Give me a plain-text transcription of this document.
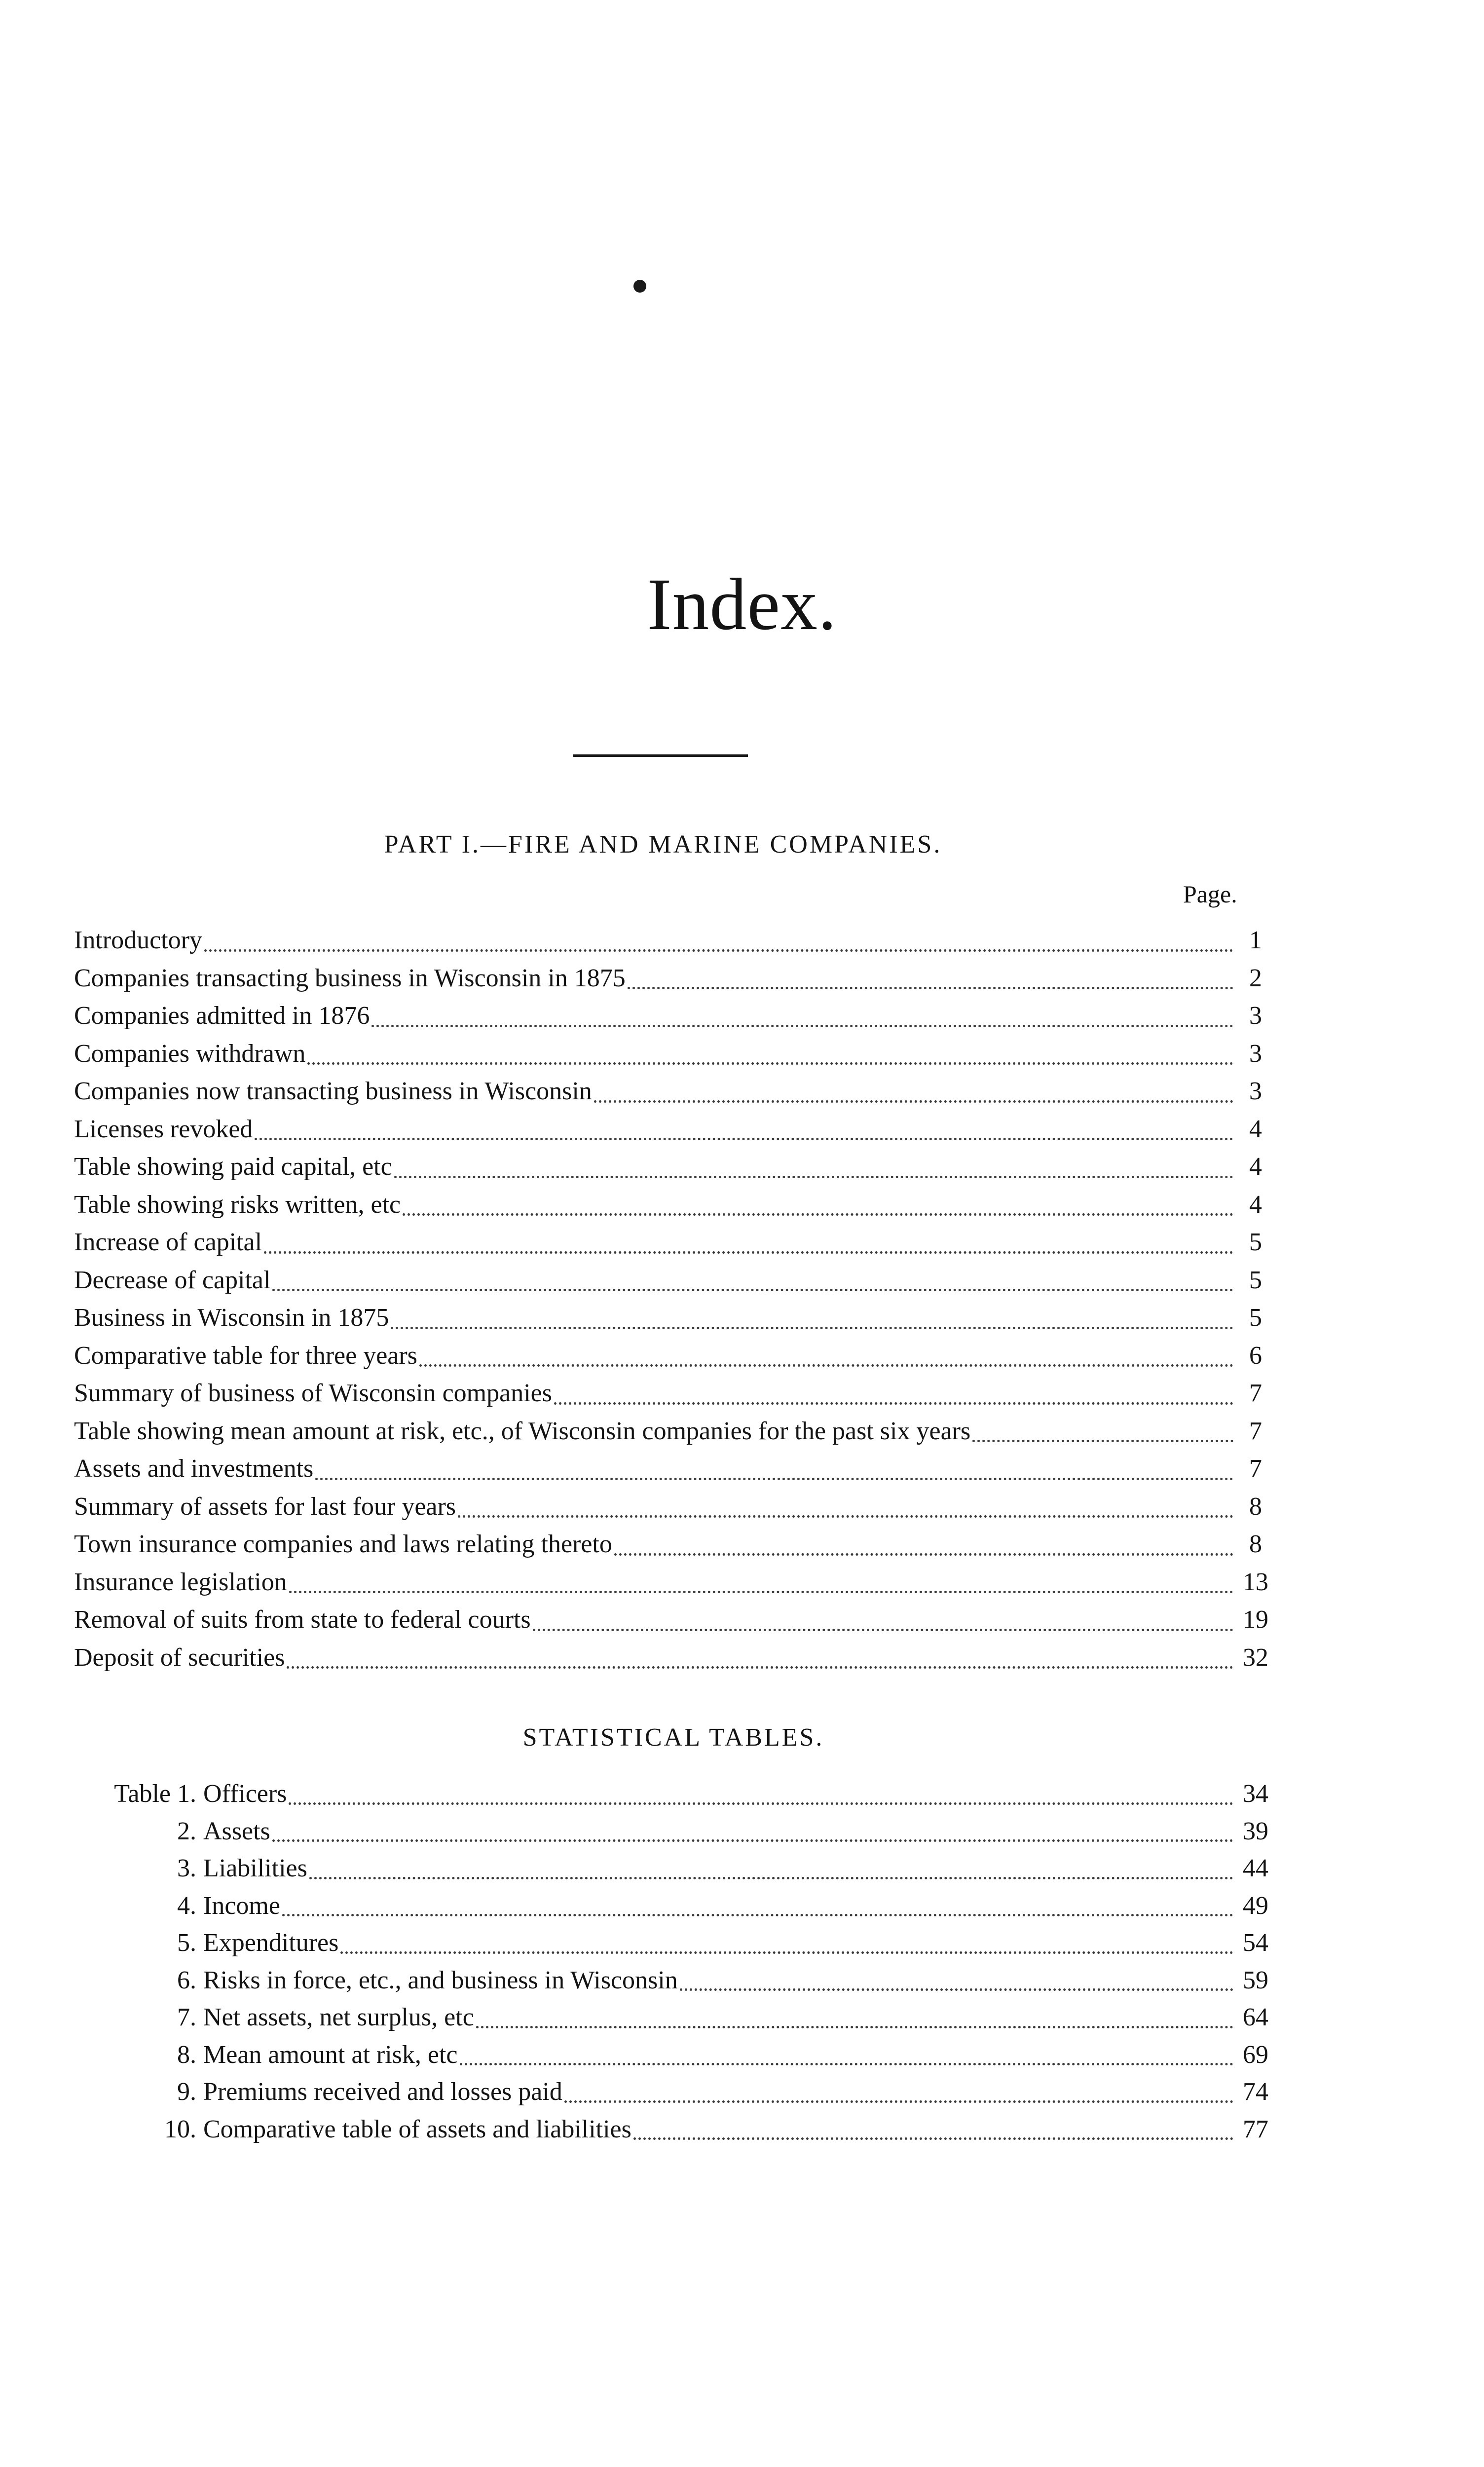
Index.
PART I.—FIRE AND MARINE COMPANIES.
Page.
Introductory	1
Companies transacting business in Wisconsin in 1875	2
Companies admitted in 1876	3
Companies withdrawn	3
Companies now transacting business in Wisconsin	3
Licenses revoked	4
Table showing paid capital, etc	4
Table showing risks written, etc	4
Increase of capital	5
Decrease of capital	5
Business in Wisconsin in 1875	5
Comparative table for three years	6
Summary of business of Wisconsin companies	7
Table showing mean amount at risk, etc., of Wisconsin companies for the past six years	7
Assets and investments	7
Summary of assets for last four years	8
Town insurance companies and laws relating thereto	8
Insurance legislation	13
Removal of suits from state to federal courts	19
Deposit of securities	32
STATISTICAL TABLES.
Table 1. Officers	34
2. Assets	39
3. Liabilities	44
4. Income	49
5. Expenditures	54
6. Risks in force, etc., and business in Wisconsin	59
7. Net assets, net surplus, etc	64
8. Mean amount at risk, etc	69
9. Premiums received and losses paid	74
10. Comparative table of assets and liabilities	77
